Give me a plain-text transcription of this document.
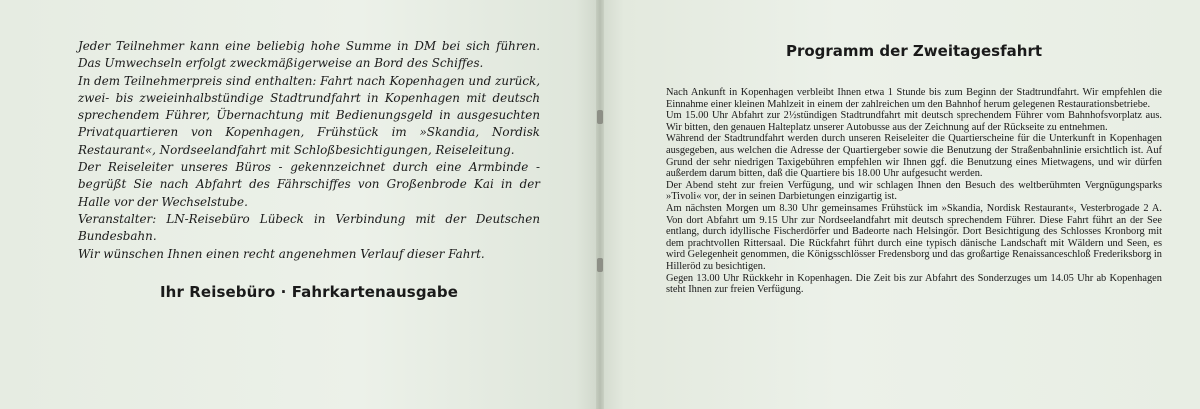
Jeder Teilnehmer kann eine beliebig hohe Summe in DM bei sich führen. Das Umwechseln erfolgt zweckmäßigerweise an Bord des Schiffes.

In dem Teilnehmerpreis sind enthalten: Fahrt nach Kopenhagen und zurück, zwei- bis zweieinhalbstündige Stadtrundfahrt in Kopenhagen mit deutsch sprechendem Führer, Übernachtung mit Bedienungsgeld in ausgesuchten Privatquartieren von Kopenhagen, Frühstück im »Skandia, Nordisk Restaurant«, Nordseelandfahrt mit Schloßbesichtigungen, Reiseleitung.

Der Reiseleiter unseres Büros - gekennzeichnet durch eine Armbinde - begrüßt Sie nach Abfahrt des Fährschiffes von Großenbrode Kai in der Halle vor der Wechselstube.

Veranstalter: LN-Reisebüro Lübeck in Verbindung mit der Deutschen Bundesbahn.

Wir wünschen Ihnen einen recht angenehmen Verlauf dieser Fahrt.

Ihr Reisebüro · Fahrkartenausgabe
Programm der Zweitagesfahrt

Nach Ankunft in Kopenhagen verbleibt Ihnen etwa 1 Stunde bis zum Beginn der Stadtrundfahrt. Wir empfehlen die Einnahme einer kleinen Mahlzeit in einem der zahlreichen um den Bahnhof herum gelegenen Restaurationsbetriebe.

Um 15.00 Uhr Abfahrt zur 2½stündigen Stadtrundfahrt mit deutsch sprechendem Führer vom Bahnhofsvorplatz aus. Wir bitten, den genauen Halteplatz unserer Autobusse aus der Zeichnung auf der Rückseite zu entnehmen.

Während der Stadtrundfahrt werden durch unseren Reiseleiter die Quartierscheine für die Unterkunft in Kopenhagen ausgegeben, aus welchen die Adresse der Quartiergeber sowie die Benutzung der Straßenbahnlinie ersichtlich ist. Auf Grund der sehr niedrigen Taxigebühren empfehlen wir Ihnen ggf. die Benutzung eines Mietwagens, und wir dürfen außerdem darum bitten, daß die Quartiere bis 18.00 Uhr aufgesucht werden.

Der Abend steht zur freien Verfügung, und wir schlagen Ihnen den Besuch des weltberühmten Vergnügungsparks »Tivoli« vor, der in seinen Darbietungen einzigartig ist.

Am nächsten Morgen um 8.30 Uhr gemeinsames Frühstück im »Skandia, Nordisk Restaurant«, Vesterbrogade 2 A. Von dort Abfahrt um 9.15 Uhr zur Nordseelandfahrt mit deutsch sprechendem Führer. Diese Fahrt führt an der See entlang, durch idyllische Fischerdörfer und Badeorte nach Helsingör. Dort Besichtigung des Schlosses Kronborg mit dem prachtvollen Rittersaal. Die Rückfahrt führt durch eine typisch dänische Landschaft mit Wäldern und Seen, es wird Gelegenheit genommen, die Königsschlösser Fredensborg und das großartige Renaissanceschloß Frederiksborg in Hilleröd zu besichtigen.

Gegen 13.00 Uhr Rückkehr in Kopenhagen. Die Zeit bis zur Abfahrt des Sonderzuges um 14.05 Uhr ab Kopenhagen steht Ihnen zur freien Verfügung.
